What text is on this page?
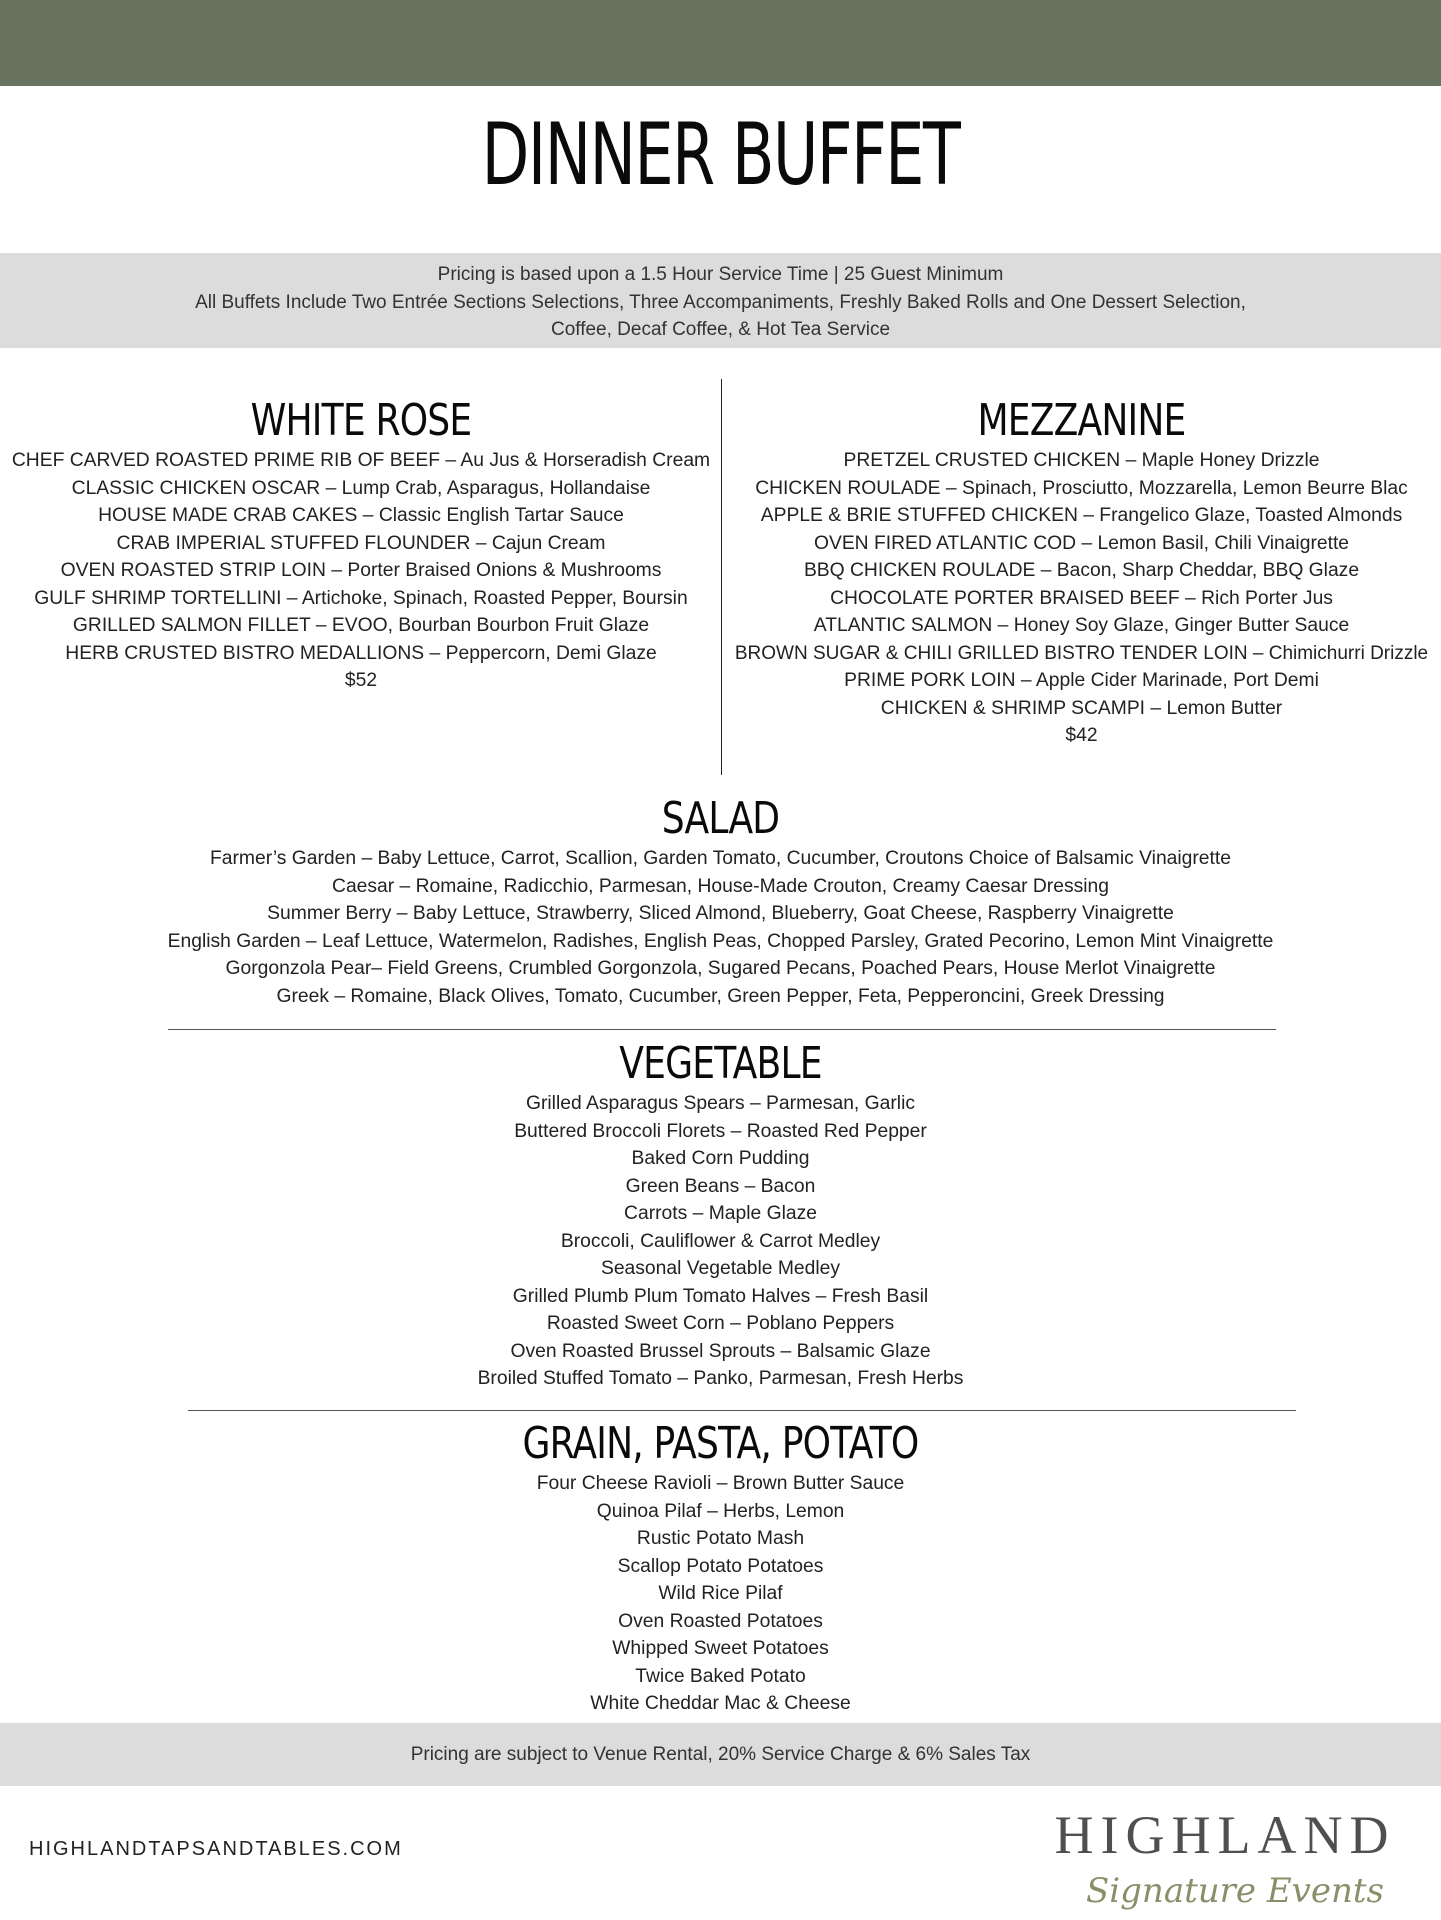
DINNER BUFFET
Pricing is based upon a 1.5 Hour Service Time | 25 Guest Minimum
All Buffets Include Two Entrée Sections Selections, Three Accompaniments, Freshly Baked Rolls and One Dessert Selection,
Coffee, Decaf Coffee, & Hot Tea Service
WHITE ROSE
CHEF CARVED ROASTED PRIME RIB OF BEEF – Au Jus & Horseradish Cream
CLASSIC CHICKEN OSCAR – Lump Crab, Asparagus, Hollandaise
HOUSE MADE CRAB CAKES – Classic English Tartar Sauce
CRAB IMPERIAL STUFFED FLOUNDER – Cajun Cream
OVEN ROASTED STRIP LOIN – Porter Braised Onions & Mushrooms
GULF SHRIMP TORTELLINI – Artichoke, Spinach, Roasted Pepper, Boursin
GRILLED SALMON FILLET – EVOO, Bourban Bourbon Fruit Glaze
HERB CRUSTED BISTRO MEDALLIONS – Peppercorn, Demi Glaze
$52
MEZZANINE
PRETZEL CRUSTED CHICKEN – Maple Honey Drizzle
CHICKEN ROULADE – Spinach, Prosciutto, Mozzarella, Lemon Beurre Blac
APPLE & BRIE STUFFED CHICKEN – Frangelico Glaze, Toasted Almonds
OVEN FIRED ATLANTIC COD – Lemon Basil, Chili Vinaigrette
BBQ CHICKEN ROULADE – Bacon, Sharp Cheddar, BBQ Glaze
CHOCOLATE PORTER BRAISED BEEF – Rich Porter Jus
ATLANTIC SALMON – Honey Soy Glaze, Ginger Butter Sauce
BROWN SUGAR & CHILI GRILLED BISTRO TENDER LOIN – Chimichurri Drizzle
PRIME PORK LOIN – Apple Cider Marinade, Port Demi
CHICKEN & SHRIMP SCAMPI – Lemon Butter
$42
SALAD
Farmer’s Garden – Baby Lettuce, Carrot, Scallion, Garden Tomato, Cucumber, Croutons Choice of Balsamic Vinaigrette
Caesar – Romaine, Radicchio, Parmesan, House-Made Crouton, Creamy Caesar Dressing
Summer Berry – Baby Lettuce, Strawberry, Sliced Almond, Blueberry, Goat Cheese, Raspberry Vinaigrette
English Garden – Leaf Lettuce, Watermelon, Radishes, English Peas, Chopped Parsley, Grated Pecorino, Lemon Mint Vinaigrette
Gorgonzola Pear– Field Greens, Crumbled Gorgonzola, Sugared Pecans, Poached Pears, House Merlot Vinaigrette
Greek – Romaine, Black Olives, Tomato, Cucumber, Green Pepper, Feta, Pepperoncini, Greek Dressing
VEGETABLE
Grilled Asparagus Spears – Parmesan, Garlic
Buttered Broccoli Florets – Roasted Red Pepper
Baked Corn Pudding
Green Beans – Bacon
Carrots – Maple Glaze
Broccoli, Cauliflower & Carrot Medley
Seasonal Vegetable Medley
Grilled Plumb Plum Tomato Halves – Fresh Basil
Roasted Sweet Corn – Poblano Peppers
Oven Roasted Brussel Sprouts – Balsamic Glaze
Broiled Stuffed Tomato – Panko, Parmesan, Fresh Herbs
GRAIN, PASTA, POTATO
Four Cheese Ravioli – Brown Butter Sauce
Quinoa Pilaf – Herbs, Lemon
Rustic Potato Mash
Scallop Potato Potatoes
Wild Rice Pilaf
Oven Roasted Potatoes
Whipped Sweet Potatoes
Twice Baked Potato
White Cheddar Mac & Cheese
Pricing are subject to Venue Rental, 20% Service Charge & 6% Sales Tax
HIGHLANDTAPSANDTABLES.COM	HIGHLAND
Signature Events
